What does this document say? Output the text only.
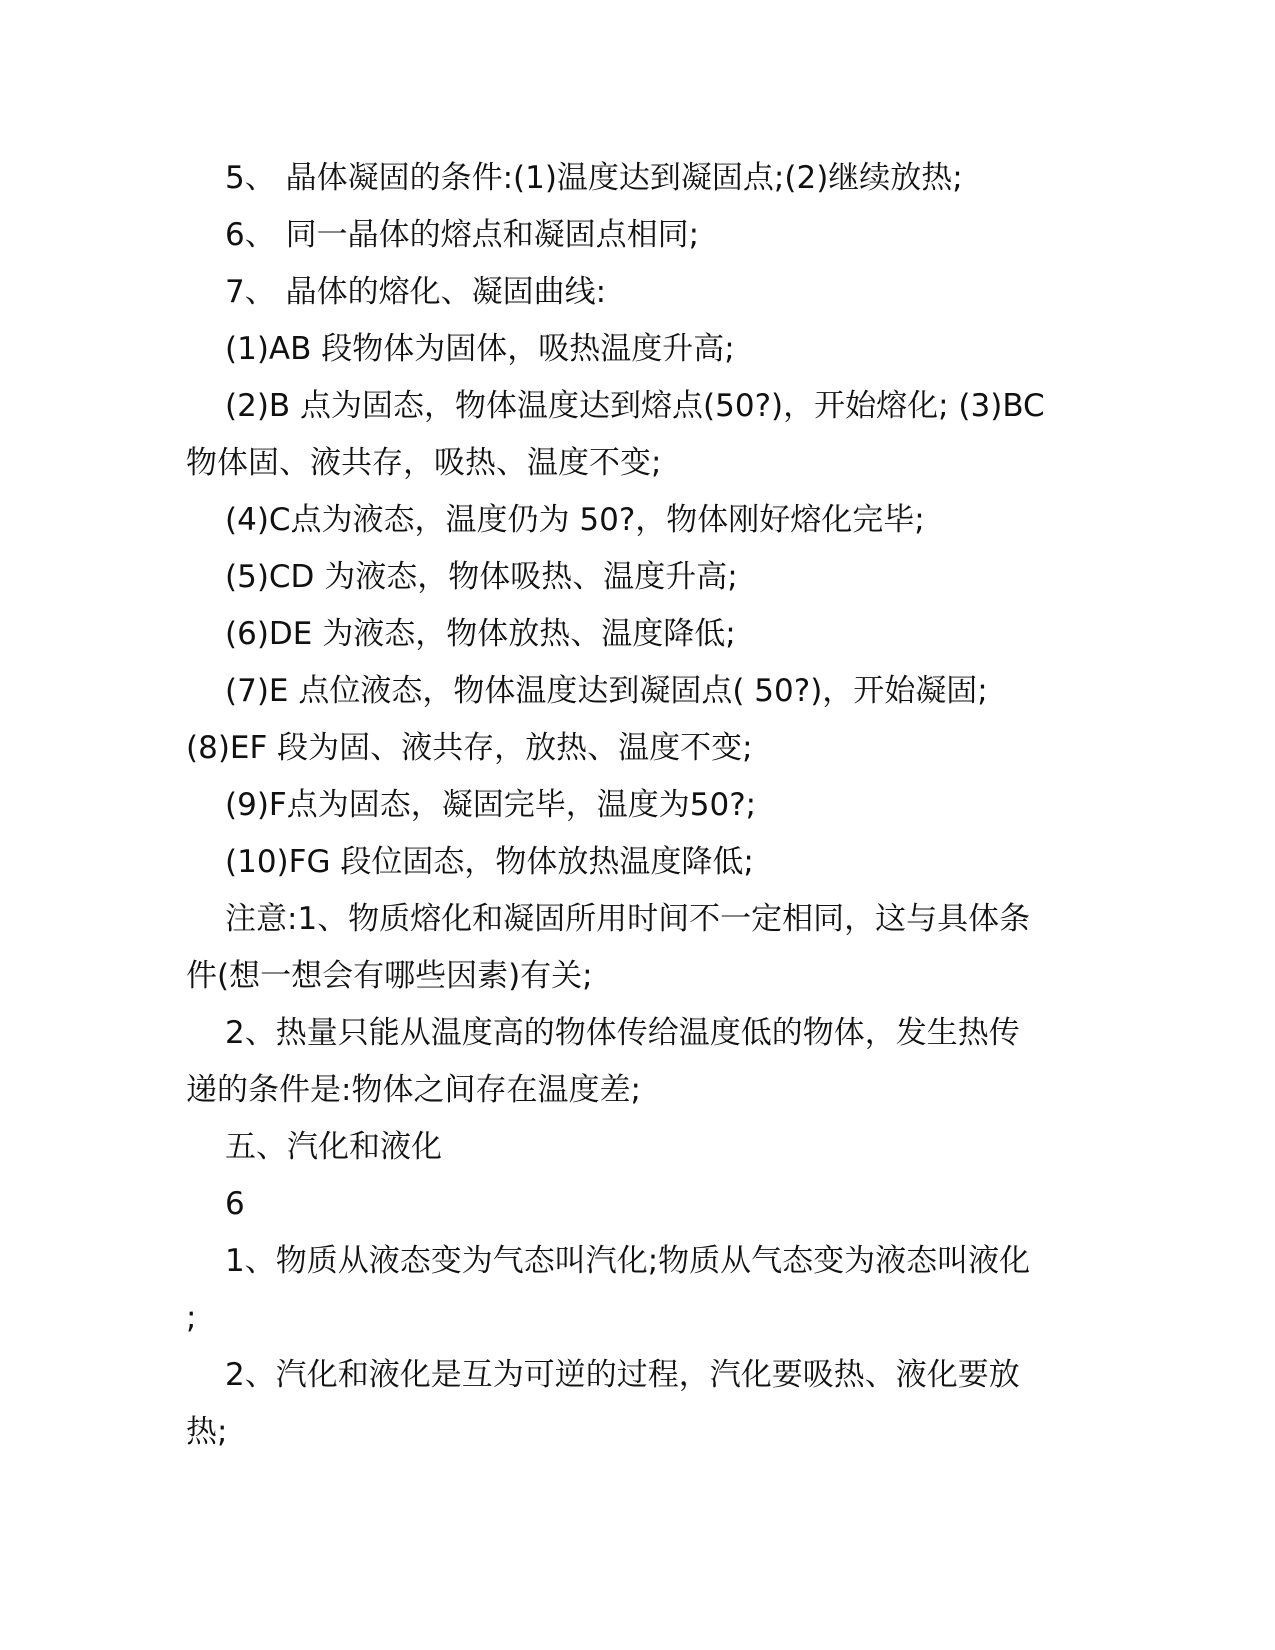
5、 晶体凝固的条件:(1)温度达到凝固点;(2)继续放热;
6、 同一晶体的熔点和凝固点相同;
7、 晶体的熔化、凝固曲线:
(1)AB 段物体为固体，吸热温度升高;
(2)B 点为固态，物体温度达到熔点(50?)，开始熔化; (3)BC
物体固、液共存，吸热、温度不变;
(4)C点为液态，温度仍为 50?，物体刚好熔化完毕;
(5)CD 为液态，物体吸热、温度升高;
(6)DE 为液态，物体放热、温度降低;
(7)E 点位液态，物体温度达到凝固点( 50?)，开始凝固;
(8)EF 段为固、液共存，放热、温度不变;
(9)F点为固态，凝固完毕，温度为50?;
(10)FG 段位固态，物体放热温度降低;
注意:1、物质熔化和凝固所用时间不一定相同，这与具体条
件(想一想会有哪些因素)有关;
2、热量只能从温度高的物体传给温度低的物体，发生热传
递的条件是:物体之间存在温度差;
五、汽化和液化
6
1、物质从液态变为气态叫汽化;物质从气态变为液态叫液化
;
2、汽化和液化是互为可逆的过程，汽化要吸热、液化要放
热;
